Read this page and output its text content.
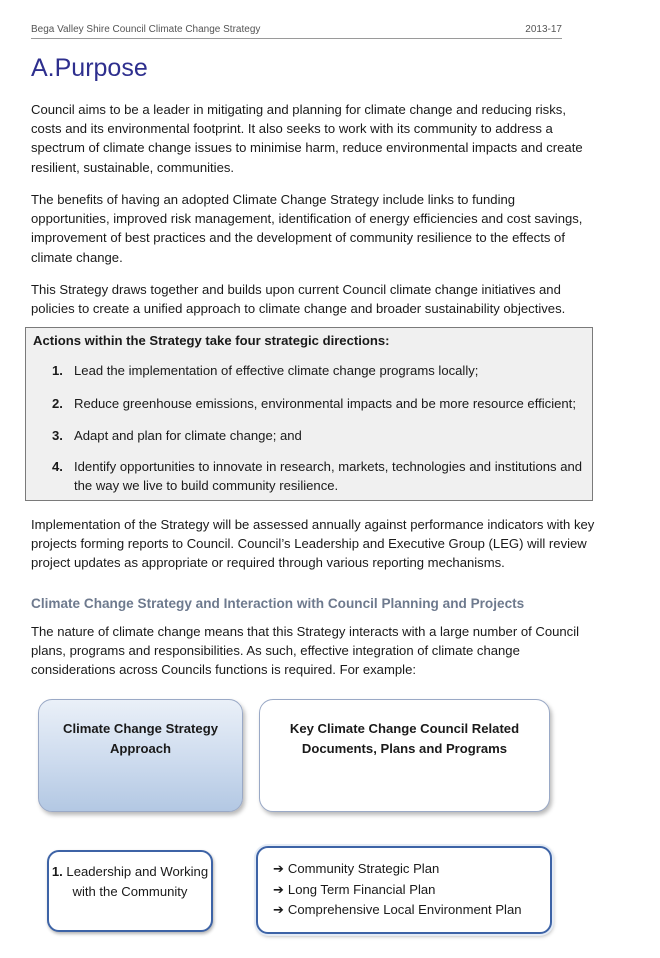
Bega Valley Shire Council Climate Change Strategy	2013-17
A.Purpose

Council aims to be a leader in mitigating and planning for climate change and reducing risks, costs and its environmental footprint. It also seeks to work with its community to address a spectrum of climate change issues to minimise harm, reduce environmental impacts and create resilient, sustainable, communities.

The benefits of having an adopted Climate Change Strategy include links to funding opportunities, improved risk management, identification of energy efficiencies and cost savings, improvement of best practices and the development of community resilience to the effects of climate change.

This Strategy draws together and builds upon current Council climate change initiatives and policies to create a unified approach to climate change and broader sustainability objectives.

Actions within the Strategy take four strategic directions:

1. Lead the implementation of effective climate change programs locally;
2. Reduce greenhouse emissions, environmental impacts and be more resource efficient;
3. Adapt and plan for climate change; and
4. Identify opportunities to innovate in research, markets, technologies and institutions and the way we live to build community resilience.

Implementation of the Strategy will be assessed annually against performance indicators with key projects forming reports to Council. Council’s Leadership and Executive Group (LEG) will review project updates as appropriate or required through various reporting mechanisms.

Climate Change Strategy and Interaction with Council Planning and Projects

The nature of climate change means that this Strategy interacts with a large number of Council plans, programs and responsibilities. As such, effective integration of climate change considerations across Councils functions is required. For example:

Climate Change Strategy Approach
Key Climate Change Council Related Documents, Plans and Programs
1. Leadership and Working with the Community
➔ Community Strategic Plan
➔ Long Term Financial Plan
➔ Comprehensive Local Environment Plan
